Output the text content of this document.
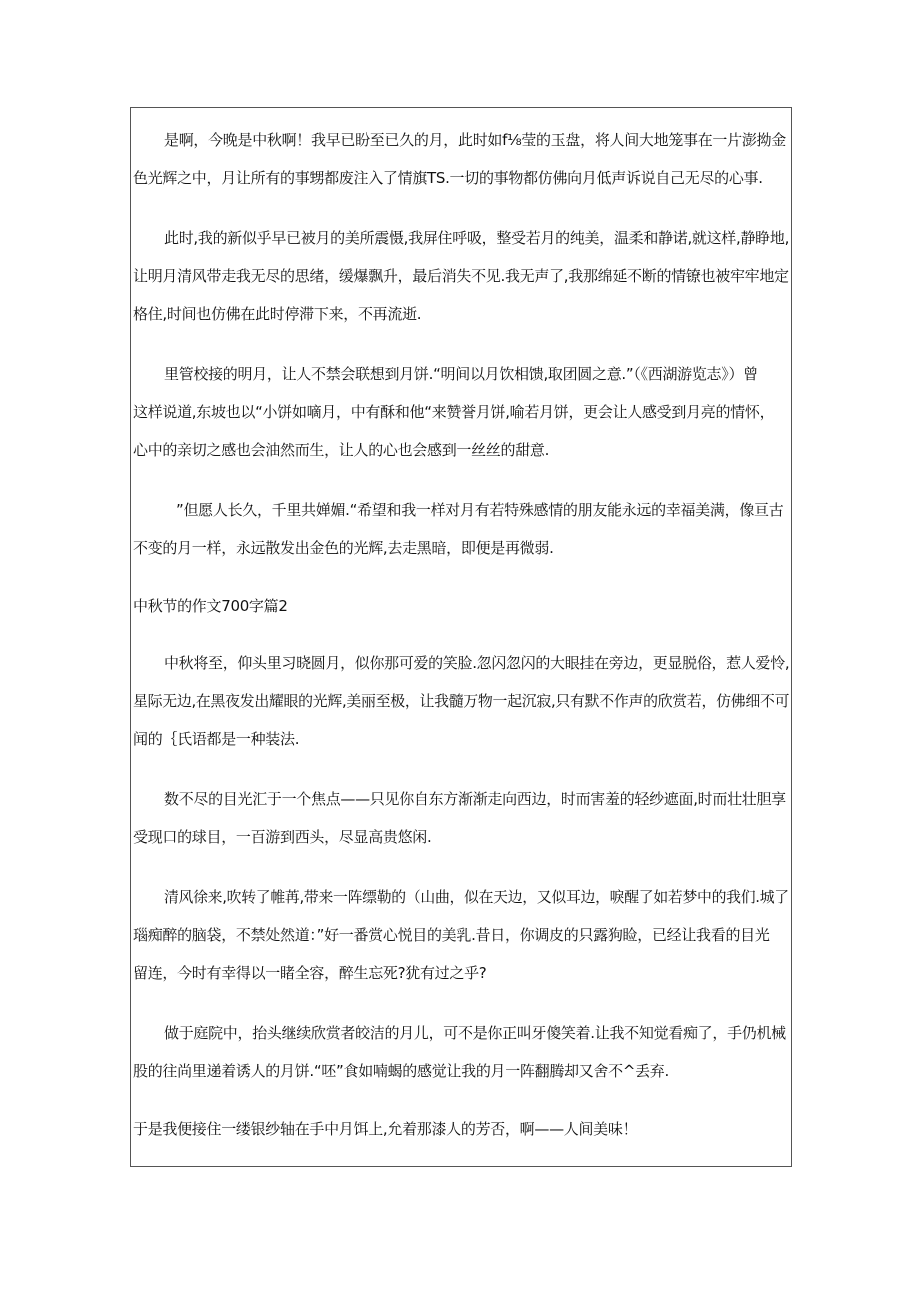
是啊，今晚是中秋啊！我早已盼至已久的月，此时如f⅛莹的玉盘，将人间大地笼事在一片澎拗金
色光辉之中，月让所有的事甥都废注入了情旗TS.一切的事物都仿佛向月低声诉说自己无尽的心事.
此时,我的新似乎早已被月的美所震慑,我屏住呼吸，整受若月的纯美，温柔和静诺,就这样,静睁地,
让明月清风带走我无尽的思绪，缓爆飘升，最后消失不见.我无声了,我那绵延不断的情镣也被牢牢地定
格住,时间也仿佛在此时停滞下来，不再流逝.
里管校接的明月，让人不禁会联想到月饼.“明间以月饮相馈,取团圆之意.”（《西湖游览志》）曾
这样说道,东坡也以“小饼如嘀月，中有酥和他“来赞誉月饼,喻若月饼，更会让人感受到月亮的情怀，
心中的亲切之感也会油然而生，让人的心也会感到一丝丝的甜意.
”但愿人长久，千里共婵媚.“希望和我一样对月有若特殊感情的朋友能永远的幸福美满，像亘古
不变的月一样，永远散发出金色的光辉,去走黑暗，即便是再微弱.
中秋节的作文700字篇2
中秋将至，仰头里习晓圆月，似你那可爱的笑脸.忽闪忽闪的大眼挂在旁边，更显脱俗，惹人爱怜,
星际无边,在黑夜发出耀眼的光辉,美丽至极，让我髓万物一起沉寂,只有默不作声的欣赏若，仿佛细不可
闻的｛氏语都是一种装法.
数不尽的目光汇于一个焦点——只见你自东方渐渐走向西边，时而害羞的轻纱遮面,时而壮壮胆享
受现口的球目，一百游到西头，尽显高贵悠闲.
清风徐来,吹转了帷苒,带来一阵缥勒的（山曲，似在天边，又似耳边，唳醒了如若梦中的我们.城了
瑙痴醉的脑袋，不禁处然道：”好一番赏心悦目的美乳.昔日，你调皮的只露狗睑，已经让我看的目光
留连，今时有幸得以一睹全容，醉生忘死?犹有过之乎?
做于庭院中，抬头继续欣赏者皎洁的月儿，可不是你正叫牙傻笑着.让我不知觉看痴了，手仍机械
股的往尚里递着诱人的月饼.“呸”食如喃蝎的感觉让我的月一阵翻腾却又舍不^丢弃.
于是我便接住一缕银纱轴在手中月饵上,允着那漆人的芳否，啊——人间美味！
